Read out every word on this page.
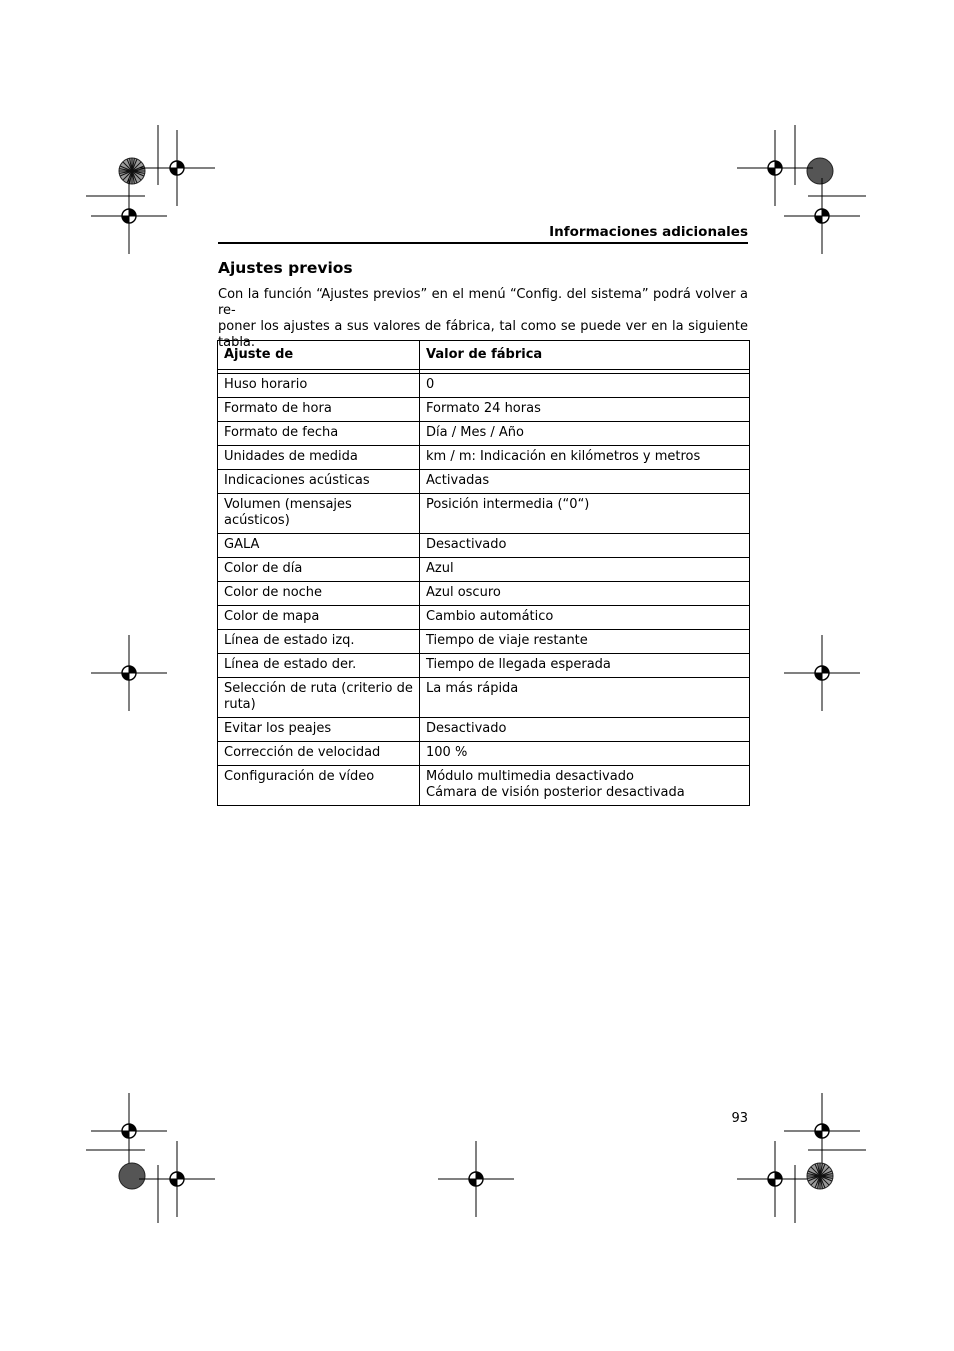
Informaciones adicionales
Ajustes previos

Con la función “Ajustes previos” en el menú “Config. del sistema” podrá volver a re-
poner los ajustes a sus valores de fábrica, tal como se puede ver en la siguiente tabla.

Ajuste de	Valor de fábrica

Huso horario	0

Formato de hora	Formato 24 horas

Formato de fecha	Día / Mes / Año

Unidades de medida	km / m: Indicación en kilómetros y metros

Indicaciones acústicas	Activadas

Volumen (mensajes acústicos)	Posición intermedia (“0“)

GALA	Desactivado

Color de día	Azul

Color de noche	Azul oscuro

Color de mapa	Cambio automático

Línea de estado izq.	Tiempo de viaje restante

Línea de estado der.	Tiempo de llegada esperada

Selección de ruta (criterio de ruta)	La más rápida

Evitar los peajes	Desactivado

Corrección de velocidad	100 %

Configuración de vídeo	Módulo multimedia desactivado
Cámara de visión posterior desactivada
93
